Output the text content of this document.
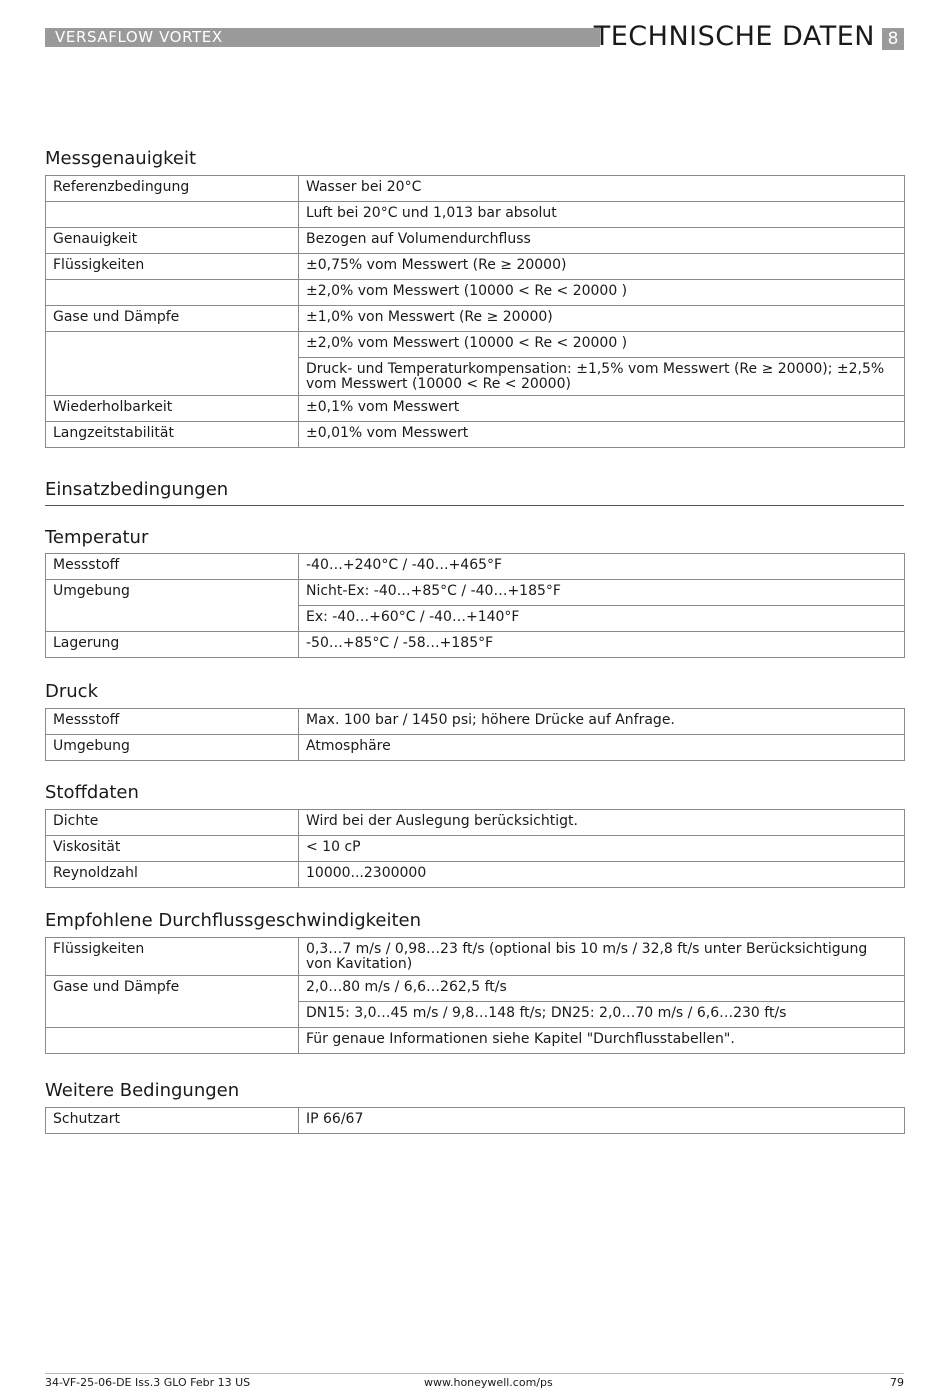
VERSAFLOW VORTEX	TECHNISCHE DATEN 8
Messgenauigkeit
Referenzbedingung	Wasser bei 20°C
	Luft bei 20°C und 1,013 bar absolut
Genauigkeit	Bezogen auf Volumendurchfluss
Flüssigkeiten	±0,75% vom Messwert (Re ≥ 20000)
	±2,0% vom Messwert (10000 < Re < 20000 )
Gase und Dämpfe	±1,0% von Messwert (Re ≥ 20000)
	±2,0% vom Messwert (10000 < Re < 20000 )
	Druck- und Temperaturkompensation: ±1,5% vom Messwert (Re ≥ 20000); ±2,5% vom Messwert (10000 < Re < 20000)
Wiederholbarkeit	±0,1% vom Messwert
Langzeitstabilität	±0,01% vom Messwert
Einsatzbedingungen
Temperatur
Messstoff	-40…+240°C / -40…+465°F
Umgebung	Nicht-Ex: -40…+85°C / -40…+185°F
	Ex: -40…+60°C / -40…+140°F
Lagerung	-50…+85°C / -58…+185°F
Druck
Messstoff	Max. 100 bar / 1450 psi; höhere Drücke auf Anfrage.
Umgebung	Atmosphäre
Stoffdaten
Dichte	Wird bei der Auslegung berücksichtigt.
Viskosität	< 10 cP
Reynoldzahl	10000...2300000
Empfohlene Durchflussgeschwindigkeiten
Flüssigkeiten	0,3…7 m/s / 0,98…23 ft/s (optional bis 10 m/s / 32,8 ft/s unter Berücksichtigung von Kavitation)
Gase und Dämpfe	2,0…80 m/s / 6,6…262,5 ft/s
	DN15: 3,0…45 m/s / 9,8…148 ft/s; DN25: 2,0…70 m/s / 6,6…230 ft/s
	Für genaue Informationen siehe Kapitel "Durchflusstabellen".
Weitere Bedingungen
Schutzart	IP 66/67
34-VF-25-06-DE Iss.3 GLO Febr 13 US	www.honeywell.com/ps	79
